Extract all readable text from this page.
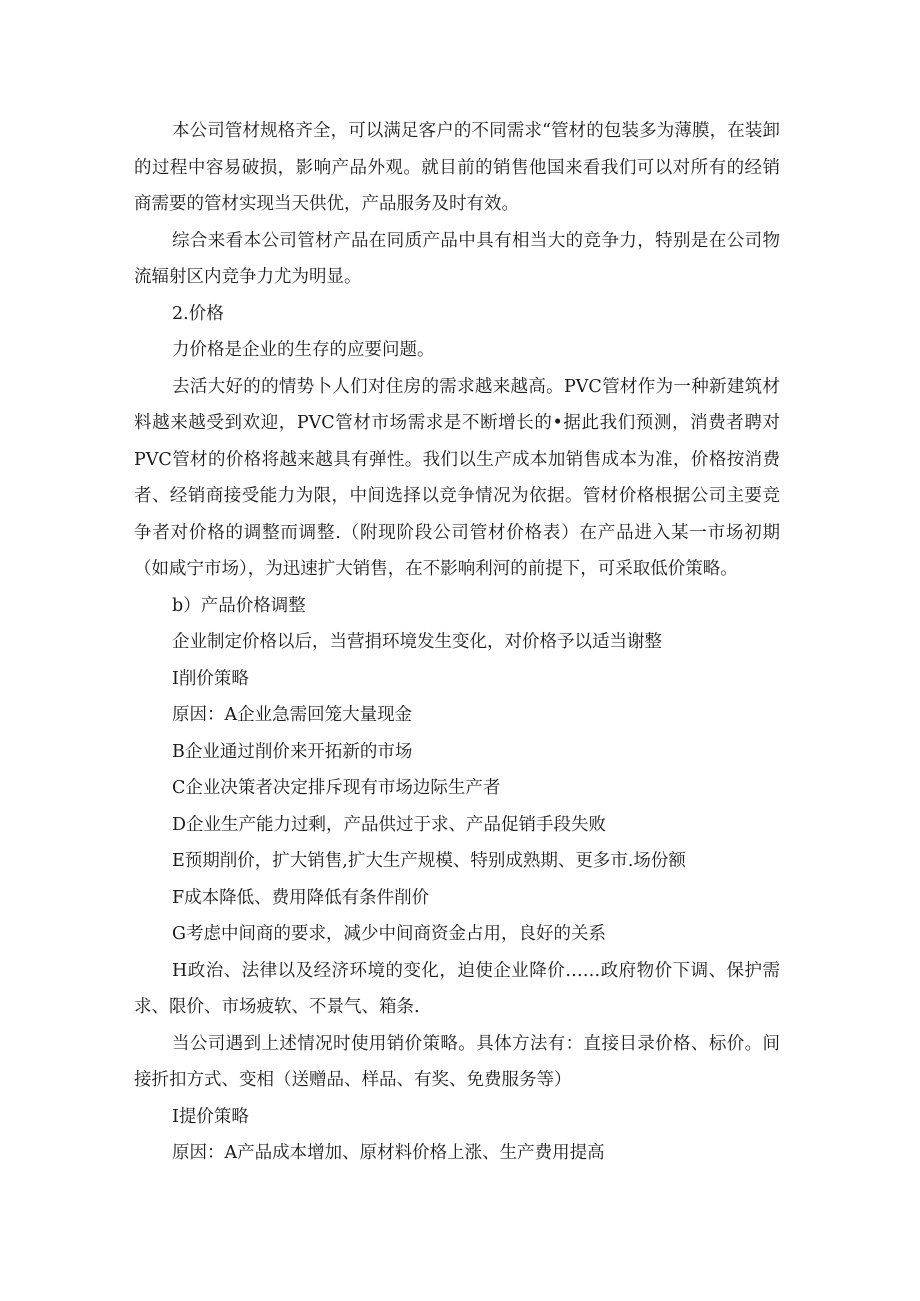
本公司管材规格齐全，可以满足客户的不同需求“管材的包装多为薄膜，在装卸的过程中容易破损，影响产品外观。就目前的销售他国来看我们可以对所有的经销商需要的管材实现当天供优，产品服务及时有效。

综合来看本公司管材产品在同质产品中具有相当大的竞争力，特别是在公司物流辐射区内竞争力尤为明显。

2.价格

力价格是企业的生存的应要问题。

去活大好的的情势卜人们对住房的需求越来越高。PVC管材作为一种新建筑材料越来越受到欢迎，PVC管材市场需求是不断增长的•据此我们预测，消费者聘对PVC管材的价格将越来越具有弹性。我们以生产成本加销售成本为准，价格按消费者、经销商接受能力为限，中间选择以竞争情况为依据。管材价格根据公司主要竞争者对价格的调整而调整.（附现阶段公司管材价格表）在产品进入某一市场初期（如咸宁市场），为迅速扩大销售，在不影响利河的前提下，可采取低价策略。

b）产品价格调整

企业制定价格以后，当营捐环境发生变化，对价格予以适当谢整

I削价策略

原因：A企业急需回笼大量现金

B企业通过削价来开拓新的市场

C企业决策者决定排斥现有市场边际生产者

D企业生产能力过剩，产品供过于求、产品促销手段失败

E预期削价，扩大销售,扩大生产规模、特别成熟期、更多市.场份额

F成本降低、费用降低有条件削价

G考虑中间商的要求，减少中间商资金占用，良好的关系

H政治、法律以及经济环境的变化，迫使企业降价……政府物价下调、保护需求、限价、市场疲软、不景气、箱条.

当公司遇到上述情况时使用销价策略。具体方法有：直接目录价格、标价。间接折扣方式、变相（送赠品、样品、有奖、免费服务等）

I提价策略

原因：A产品成本增加、原材料价格上涨、生产费用提高
